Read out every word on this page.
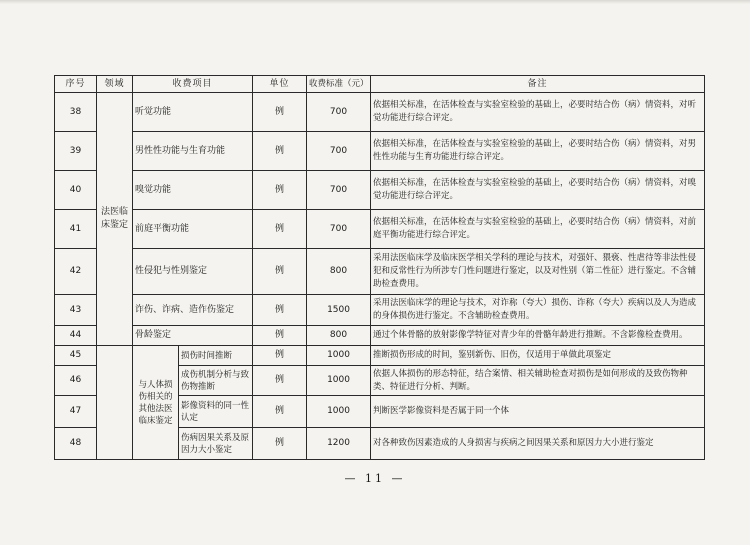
序号	领域	收费项目		单位	收费标准（元）	备注
38	法医临床鉴定	听觉功能		例	700	依据相关标准，在活体检查与实验室检验的基础上，必要时结合伤（病）情资料，对听觉功能进行综合评定。
39		男性性功能与生育功能		例	700	依据相关标准，在活体检查与实验室检验的基础上，必要时结合伤（病）情资料，对男性性功能与生育功能进行综合评定。
40		嗅觉功能		例	700	依据相关标准，在活体检查与实验室检验的基础上，必要时结合伤（病）情资料，对嗅觉功能进行综合评定。
41		前庭平衡功能		例	700	依据相关标准，在活体检查与实验室检验的基础上，必要时结合伤（病）情资料，对前庭平衡功能进行综合评定。
42		性侵犯与性别鉴定		例	800	采用法医临床学及临床医学相关学科的理论与技术，对强奸、猥亵、性虐待等非法性侵犯和反常性行为所涉专门性问题进行鉴定，以及对性别（第二性征）进行鉴定。不含辅助检查费用。
43		诈伤、诈病、造作伤鉴定		例	1500	采用法医临床学的理论与技术，对诈称（夸大）损伤、诈称（夸大）疾病以及人为造成的身体损伤进行鉴定。不含辅助检查费用。
44		骨龄鉴定		例	800	通过个体骨骼的放射影像学特征对青少年的骨骼年龄进行推断。不含影像检查费用。
45		与人体损伤相关的其他法医临床鉴定	损伤时间推断	例	1000	推断损伤形成的时间，鉴别新伤、旧伤，仅适用于单做此项鉴定
46			成伤机制分析与致伤物推断	例	1000	依据人体损伤的形态特征，结合案情、相关辅助检查对损伤是如何形成的及致伤物种类、特征进行分析、判断。
47			影像资料的同一性认定	例	1000	判断医学影像资料是否属于同一个体
48			伤病因果关系及原因力大小鉴定	例	1200	对各种致伤因素造成的人身损害与疾病之间因果关系和原因力大小进行鉴定
— 11 —
